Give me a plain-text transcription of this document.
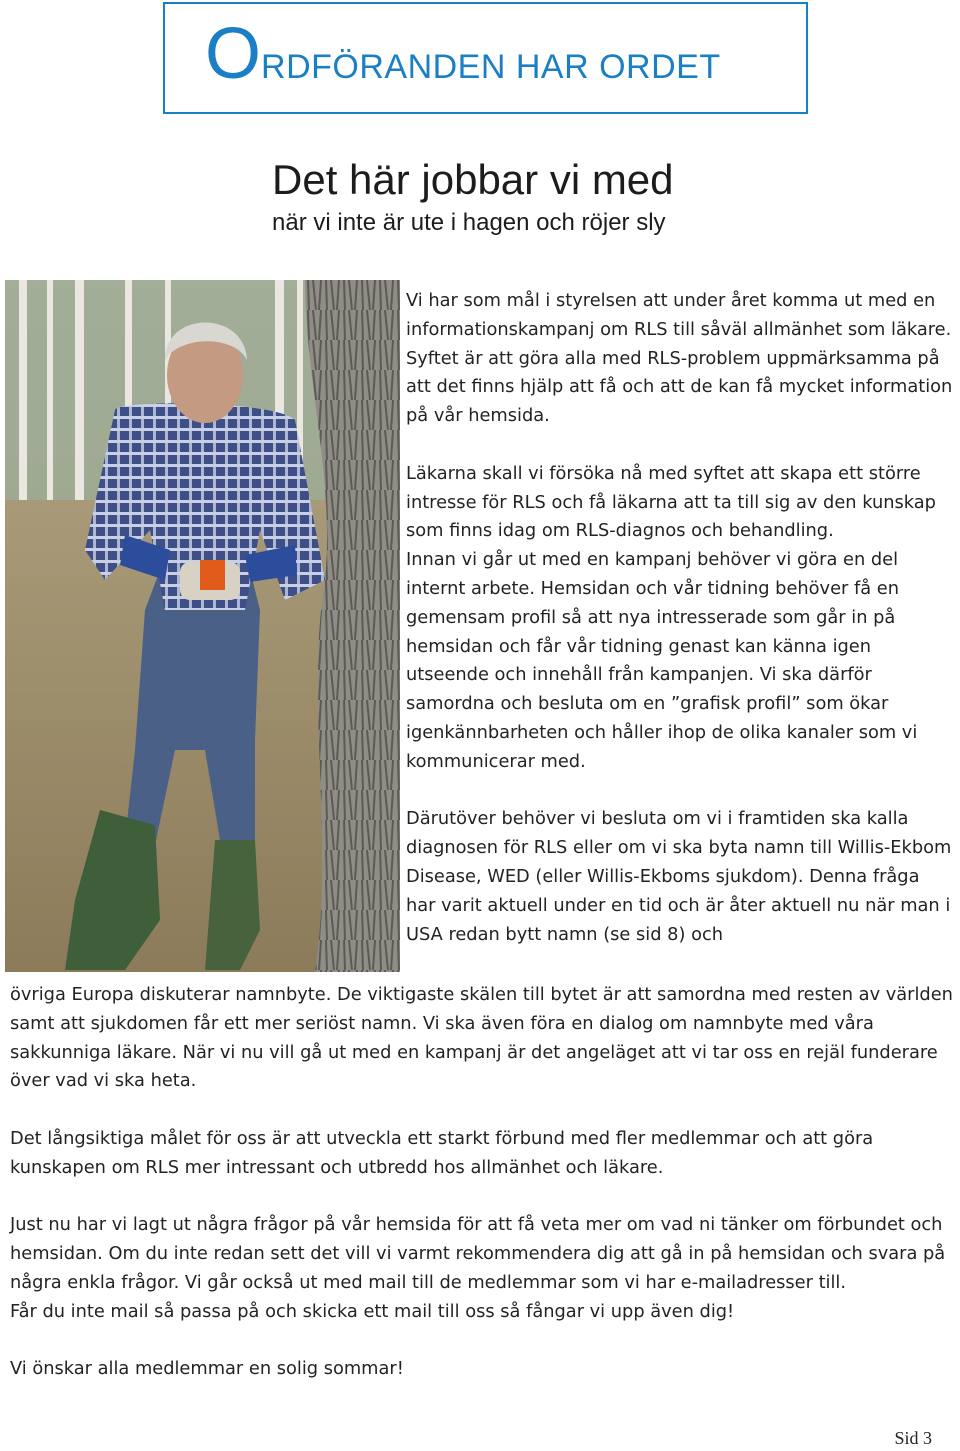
ORDFÖRANDEN HAR ORDET
Det här jobbar vi med
när vi inte är ute i hagen och röjer sly

Vi har som mål i styrelsen att under året komma ut med en informationskampanj om RLS till såväl allmänhet som läkare. Syftet är att göra alla med RLS-problem uppmärksamma på att det finns hjälp att få och att de kan få mycket information på vår hemsida.

Läkarna skall vi försöka nå med syftet att skapa ett större intresse för RLS och få läkarna att ta till sig av den kunskap som finns idag om RLS-diagnos och behandling.

Innan vi går ut med en kampanj behöver vi göra en del internt arbete. Hemsidan och vår tidning behöver få en gemensam profil så att nya intresserade som går in på hemsidan och får vår tidning genast kan känna igen utseende och innehåll från kampanjen. Vi ska därför samordna och besluta om en ”grafisk profil” som ökar igenkännbarheten och håller ihop de olika kanaler som vi kommunicerar med.

Därutöver behöver vi besluta om vi i framtiden ska kalla diagnosen för RLS eller om vi ska byta namn till Willis-Ekbom Disease, WED (eller Willis-Ekboms sjukdom). Denna fråga har varit aktuell under en tid och är åter aktuell nu när man i USA redan bytt namn (se sid 8) och

övriga Europa diskuterar namnbyte. De viktigaste skälen till bytet är att samordna med resten av världen samt att sjukdomen får ett mer seriöst namn. Vi ska även föra en dialog om namnbyte med våra sakkunniga läkare. När vi nu vill gå ut med en kampanj är det angeläget att vi tar oss en rejäl funderare över vad vi ska heta.

Det långsiktiga målet för oss är att utveckla ett starkt förbund med fler medlemmar och att göra kunskapen om RLS mer intressant och utbredd hos allmänhet och läkare.

Just nu har vi lagt ut några frågor på vår hemsida för att få veta mer om vad ni tänker om förbundet och hemsidan. Om du inte redan sett det vill vi varmt rekommendera dig att gå in på hemsidan och svara på några enkla frågor. Vi går också ut med mail till de medlemmar som vi har e-mailadresser till.

Får du inte mail så passa på och skicka ett mail till oss så fångar vi upp även dig!

Vi önskar alla medlemmar en solig sommar!

Sid 3
